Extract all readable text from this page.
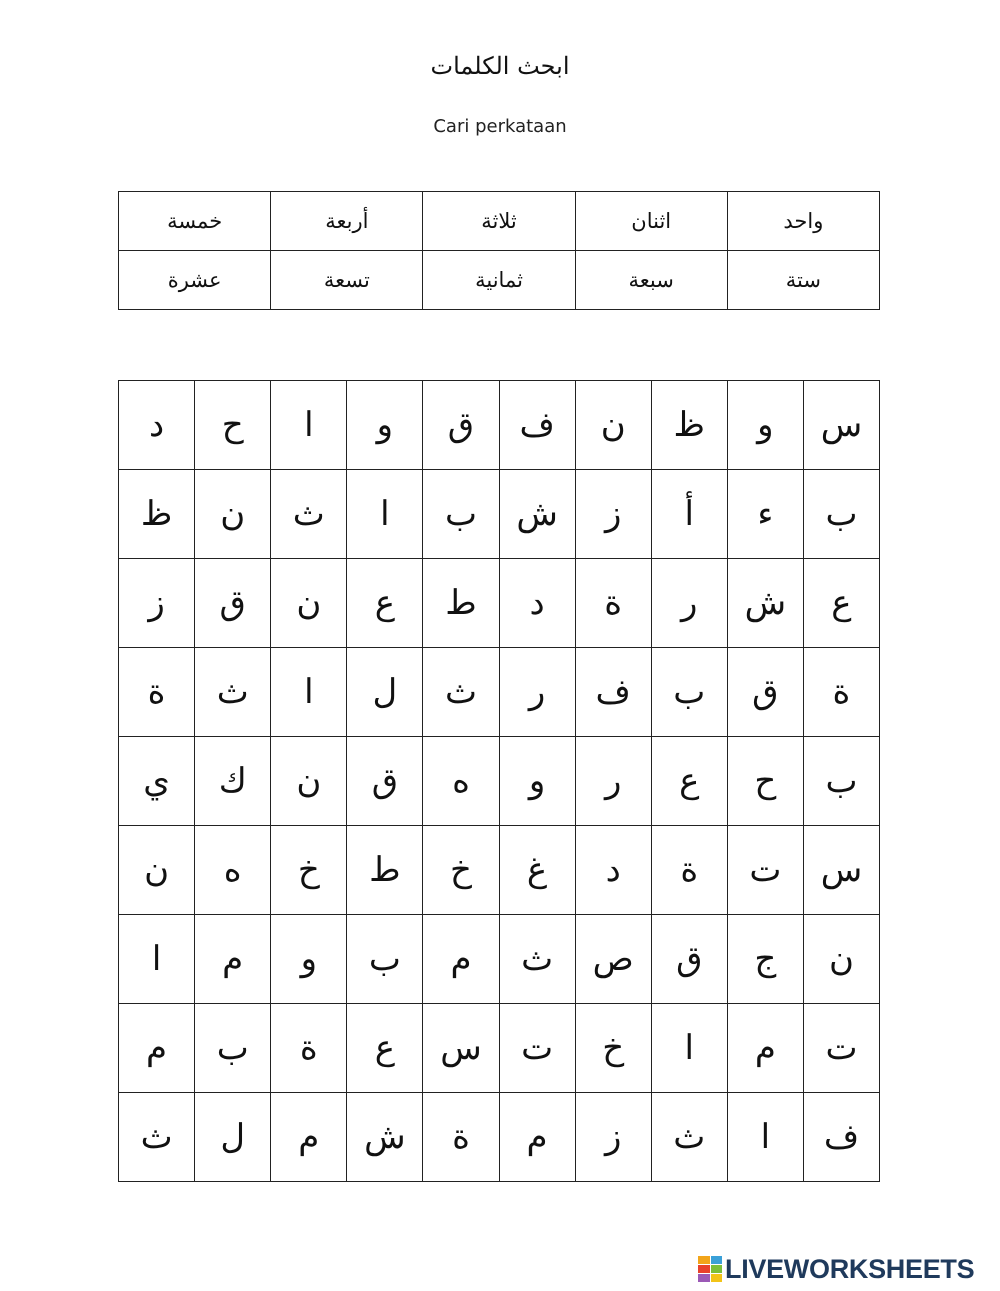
ابحث الكلمات
Cari perkataan
واحد	اثنان	ثلاثة	أربعة	خمسة
ستة	سبعة	ثمانية	تسعة	عشرة
س	و	ظ	ن	ف	ق	و	ا	ح	د
ب	ء	أ	ز	ش	ب	ا	ث	ن	ظ
ع	ش	ر	ة	د	ط	ع	ن	ق	ز
ة	ق	ب	ف	ر	ث	ل	ا	ث	ة
ب	ح	ع	ر	و	ه	ق	ن	ك	ي
س	ت	ة	د	غ	خ	ط	خ	ه	ن
ن	ج	ق	ص	ث	م	ب	و	م	ا
ت	م	ا	خ	ت	س	ع	ة	ب	م
ف	ا	ث	ز	م	ة	ش	م	ل	ث
LIVEWORKSHEETS
